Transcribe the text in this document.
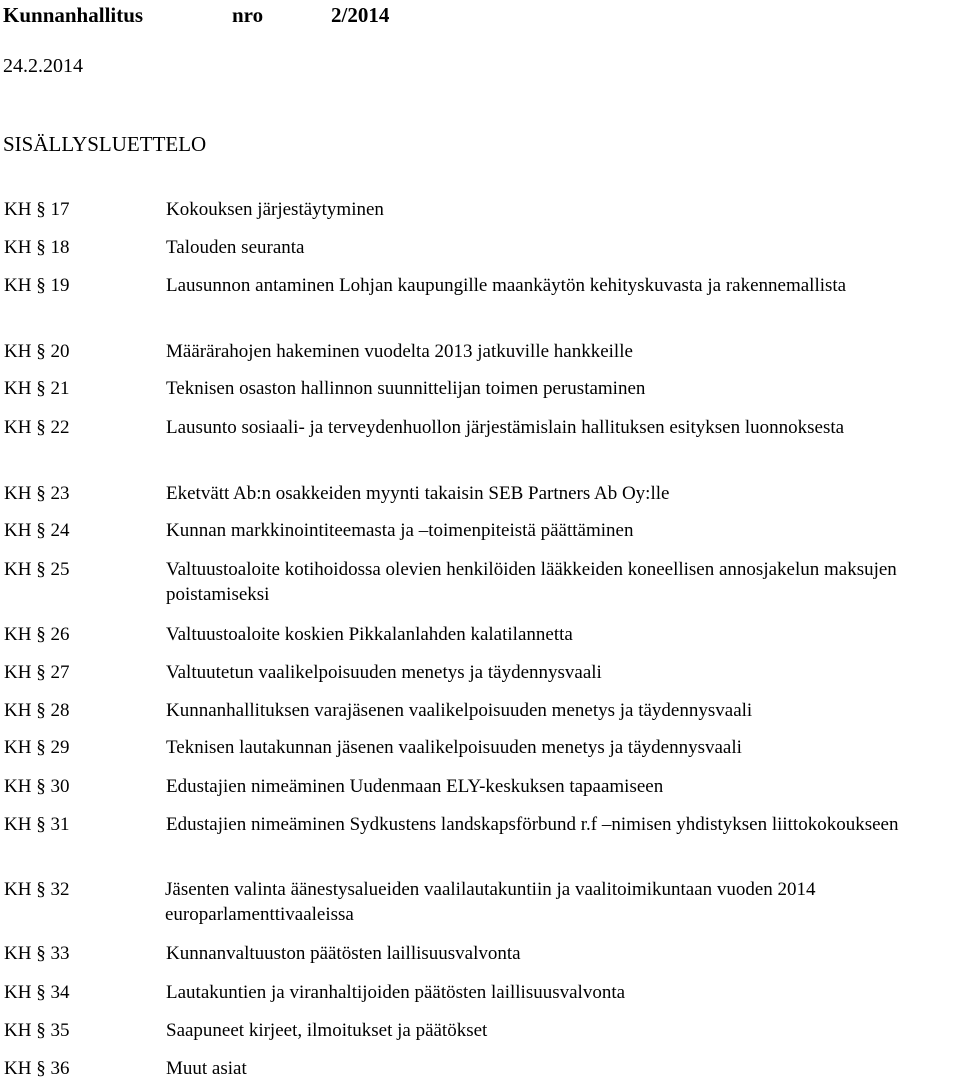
Kunnanhallitus	nro	2/2014
24.2.2014
SISÄLLYSLUETTELO
KH § 17	Kokouksen järjestäytyminen
KH § 18	Talouden seuranta
KH § 19	Lausunnon antaminen Lohjan kaupungille maankäytön kehityskuvasta ja rakennemallista
KH § 20	Määrärahojen hakeminen vuodelta 2013 jatkuville hankkeille
KH § 21	Teknisen osaston hallinnon suunnittelijan toimen perustaminen
KH § 22	Lausunto sosiaali- ja terveydenhuollon järjestämislain hallituksen esityksen luonnoksesta
KH § 23	Eketvätt Ab:n osakkeiden myynti takaisin SEB Partners Ab Oy:lle
KH § 24	Kunnan markkinointiteemasta ja –toimenpiteistä päättäminen
KH § 25	Valtuustoaloite kotihoidossa olevien henkilöiden lääkkeiden koneellisen annosjakelun maksujen poistamiseksi
KH § 26	Valtuustoaloite koskien Pikkalanlahden kalatilannetta
KH § 27	Valtuutetun vaalikelpoisuuden menetys ja täydennysvaali
KH § 28	Kunnanhallituksen varajäsenen vaalikelpoisuuden menetys ja täydennysvaali
KH § 29	Teknisen lautakunnan jäsenen vaalikelpoisuuden menetys ja täydennysvaali
KH § 30	Edustajien nimeäminen Uudenmaan ELY-keskuksen tapaamiseen
KH § 31	Edustajien nimeäminen Sydkustens landskapsförbund r.f –nimisen yhdistyksen liittokokoukseen
KH § 32	Jäsenten valinta äänestysalueiden vaalilautakuntiin ja vaalitoimikuntaan vuoden 2014 europarlamenttivaaleissa
KH § 33	Kunnanvaltuuston päätösten laillisuusvalvonta
KH § 34	Lautakuntien ja viranhaltijoiden päätösten laillisuusvalvonta
KH § 35	Saapuneet kirjeet, ilmoitukset ja päätökset
KH § 36	Muut asiat
